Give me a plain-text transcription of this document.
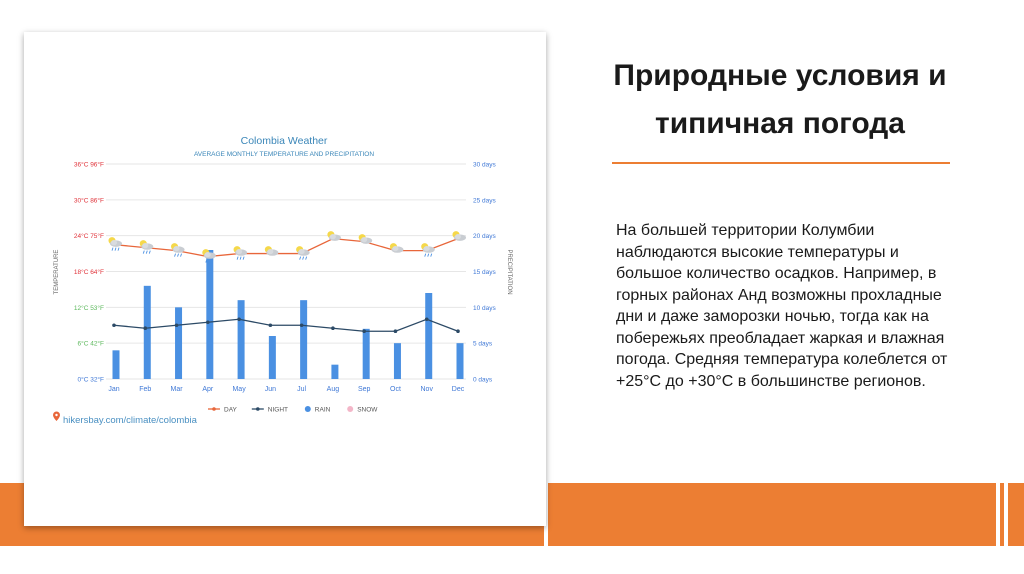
Colombia Weather
AVERAGE MONTHLY TEMPERATURE AND PRECIPITATION
0°C 32°F
6°C 42°F
12°C 53°F
18°C 64°F
24°C 75°F
30°C 86°F
36°C 96°F
0 days
5 days
10 days
15 days
20 days
25 days
30 days
TEMPERATURE	PRECIPITATION
Jan	Feb	Mar	Apr	May	Jun	Jul	Aug	Sep	Oct	Nov	Dec
DAY	NIGHT	RAIN	SNOW
hikersbay.com/climate/colombia
Природные условия и типичная погода

На большей территории Колумбии наблюдаются высокие температуры и большое количество осадков. Например, в горных районах Анд возможны прохладные дни и даже заморозки ночью, тогда как на побережьях преобладает жаркая и влажная погода. Средняя температура колеблется от +25°C до +30°C в большинстве регионов.
